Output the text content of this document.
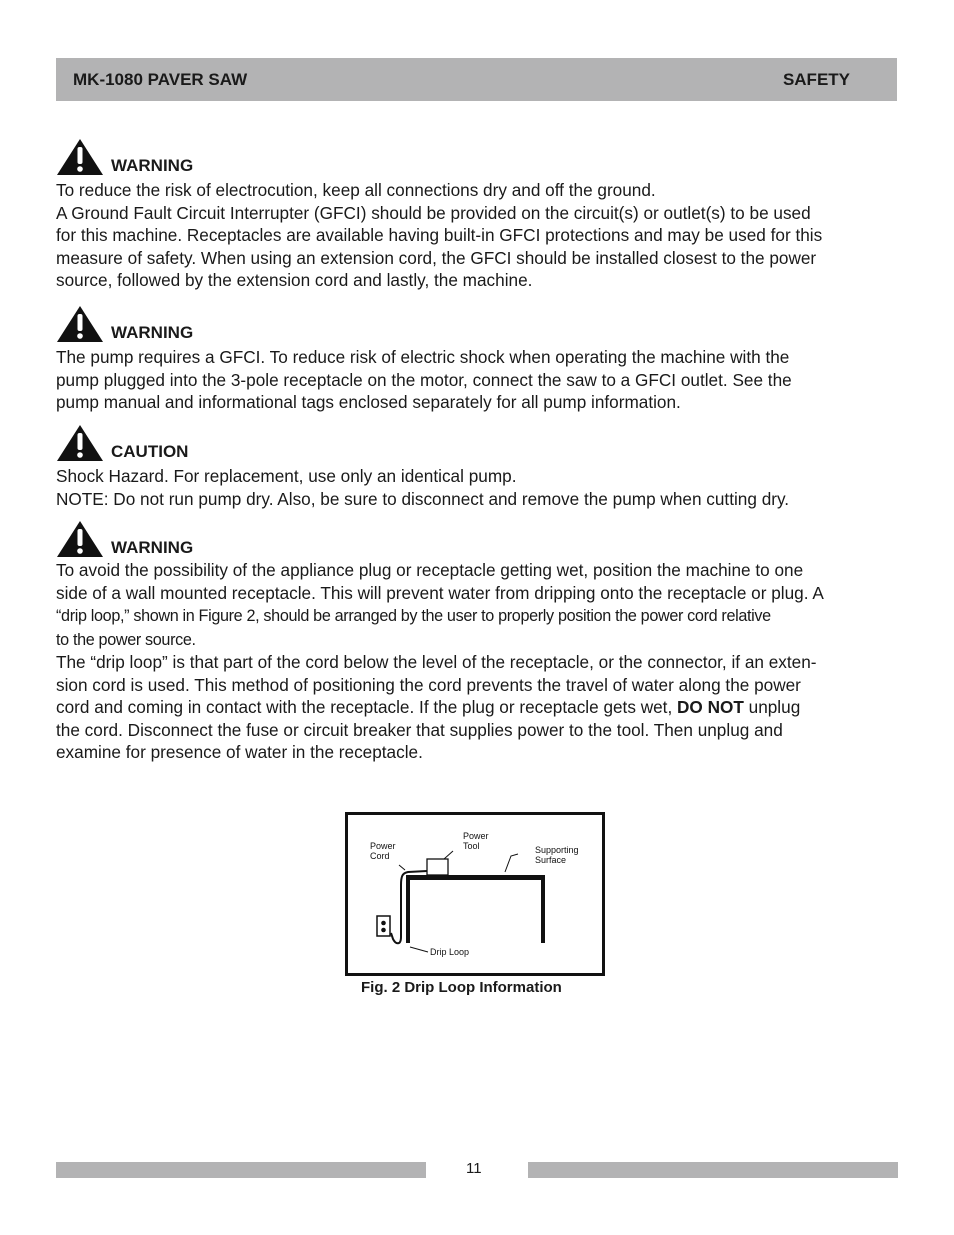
MK-1080 PAVER SAW	SAFETY
WARNING

To reduce the risk of electrocution, keep all connections dry and off the ground.
A Ground Fault Circuit Interrupter (GFCI) should be provided on the circuit(s) or outlet(s) to be used
for this machine. Receptacles are available having built-in GFCI protections and may be used for this
measure of safety. When using an extension cord, the GFCI should be installed closest to the power
source, followed by the extension cord and lastly, the machine.

WARNING

The pump requires a GFCI. To reduce risk of electric shock when operating the machine with the
pump plugged into the 3-pole receptacle on the motor, connect the saw to a GFCI outlet. See the
pump manual and informational tags enclosed separately for all pump information.

CAUTION

Shock Hazard. For replacement, use only an identical pump.
NOTE: Do not run pump dry. Also, be sure to disconnect and remove the pump when cutting dry.

WARNING

To avoid the possibility of the appliance plug or receptacle getting wet, position the machine to one
side of a wall mounted receptacle. This will prevent water from dripping onto the receptacle or plug. A
“drip loop,” shown in Figure 2, should be arranged by the user to properly position the power cord relative
to the power source.
The “drip loop” is that part of the cord below the level of the receptacle, or the connector, if an exten-
sion cord is used. This method of positioning the cord prevents the travel of water along the power
cord and coming in contact with the receptacle. If the plug or receptacle gets wet, DO NOT unplug
the cord. Disconnect the fuse or circuit breaker that supplies power to the tool. Then unplug and
examine for presence of water in the receptacle.

Power
Cord
Power
Tool	Supporting
Surface
Drip Loop
Fig. 2 Drip Loop Information
11
